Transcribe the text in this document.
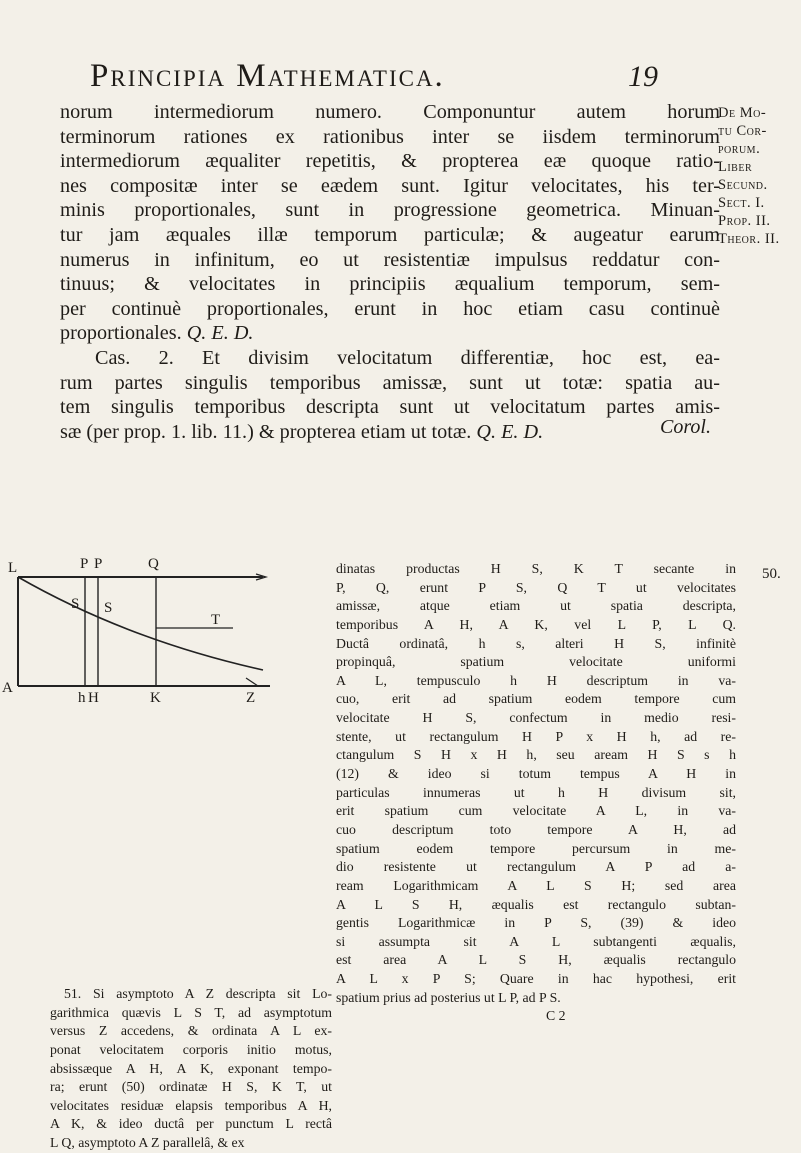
Principia Mathematica.	19
norum intermediorum numero. Componuntur autem horum
terminorum rationes ex rationibus inter se iisdem terminorum
intermediorum æqualiter repetitis, & propterea eæ quoque ratio-
nes compositæ inter se eædem sunt. Igitur velocitates, his ter-
minis proportionales, sunt in progressione geometrica. Minuan-
tur jam æquales illæ temporum particulæ; & augeatur earum
numerus in infinitum, eo ut resistentiæ impulsus reddatur con-
tinuus; & velocitates in principiis æqualium temporum, sem-
per continuè proportionales, erunt in hoc etiam casu continuè
proportionales. Q. E. D.
Cas. 2. Et divisim velocitatum differentiæ, hoc est, ea-
rum partes singulis temporibus amissæ, sunt ut totæ: spatia au-
tem singulis temporibus descripta sunt ut velocitatum partes amis-
sæ (per prop. 1. lib. 11.) & propterea etiam ut totæ. Q. E. D.
De Mo-
tu Cor-
porum.
Liber
Secund.
Sect. I.
Prop. II.
Theor. II.
Corol.
L	P P	Q
S S
T
A
h H	K	Z
51. Si asymptoto A Z descripta sit Lo-
garithmica quævis L S T, ad asymptotum
versus Z accedens, & ordinata A L ex-
ponat velocitatem corporis initio motus,
absissæque A H, A K, exponant tempo-
ra; erunt (50) ordinatæ H S, K T, ut
velocitates residuæ elapsis temporibus A H,
A K, & ideo ductâ per punctum L rectâ
L Q, asymptoto A Z parallelâ, & ex
dinatas productas H S, K T secante in
P, Q, erunt P S, Q T ut velocitates
amissæ, atque etiam ut spatia descripta,
temporibus A H, A K, vel L P, L Q.
Ductâ ordinatâ, h s, alteri H S, infinitè
propinquâ, spatium velocitate uniformi
A L, tempusculo h H descriptum in va-
cuo, erit ad spatium eodem tempore cum
velocitate H S, confectum in medio resi-
stente, ut rectangulum H P x H h, ad re-
ctangulum S H x H h, seu aream H S s h
(12) & ideo si totum tempus A H in
particulas innumeras ut h H divisum sit,
erit spatium cum velocitate A L, in va-
cuo descriptum toto tempore A H, ad
spatium eodem tempore percursum in me-
dio resistente ut rectangulum A P ad a-
ream Logarithmicam A L S H; sed area
A L S H, æqualis est rectangulo subtan-
gentis Logarithmicæ in P S, (39) & ideo
si assumpta sit A L subtangenti æqualis,
est area A L S H, æqualis rectangulo
A L x P S; Quare in hac hypothesi, erit
spatium prius ad posterius ut L P, ad P S.
C 2
50.
